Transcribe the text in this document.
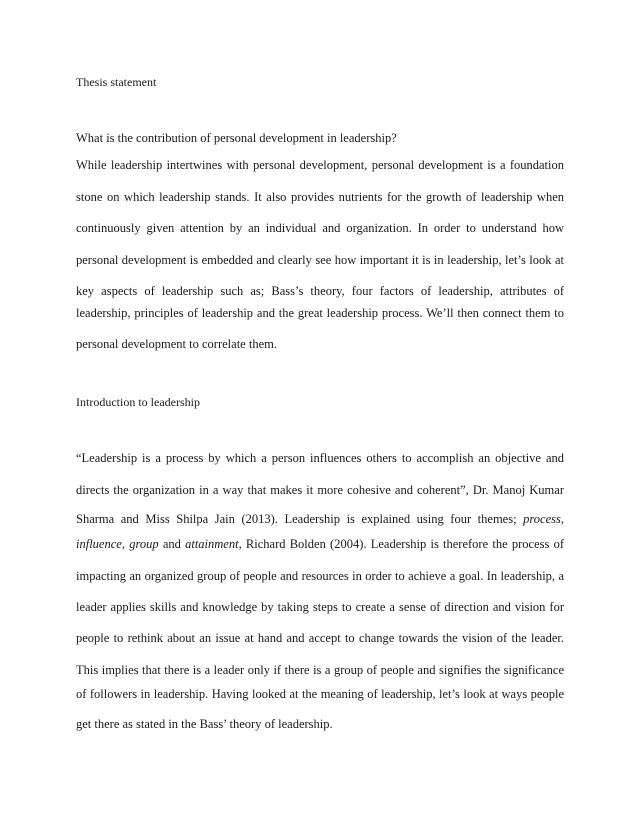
Thesis statement
What is the contribution of personal development in leadership?
While leadership intertwines with personal development, personal development is a foundation
stone on which leadership stands. It also provides nutrients for the growth of leadership when
continuously given attention by an individual and organization. In order to understand how
personal development is embedded and clearly see how important it is in leadership, let’s look at
key aspects of leadership such as; Bass’s theory, four factors of leadership, attributes of
leadership, principles of leadership and the great leadership process. We’ll then connect them to
personal development to correlate them.
Introduction to leadership
“Leadership is a process by which a person influences others to accomplish an objective and
directs the organization in a way that makes it more cohesive and coherent”, Dr. Manoj Kumar
Sharma and Miss Shilpa Jain (2013). Leadership is explained using four themes; process,
influence, group and attainment, Richard Bolden (2004). Leadership is therefore the process of
impacting an organized group of people and resources in order to achieve a goal. In leadership, a
leader applies skills and knowledge by taking steps to create a sense of direction and vision for
people to rethink about an issue at hand and accept to change towards the vision of the leader.
This implies that there is a leader only if there is a group of people and signifies the significance
of followers in leadership. Having looked at the meaning of leadership, let’s look at ways people
get there as stated in the Bass’ theory of leadership.
